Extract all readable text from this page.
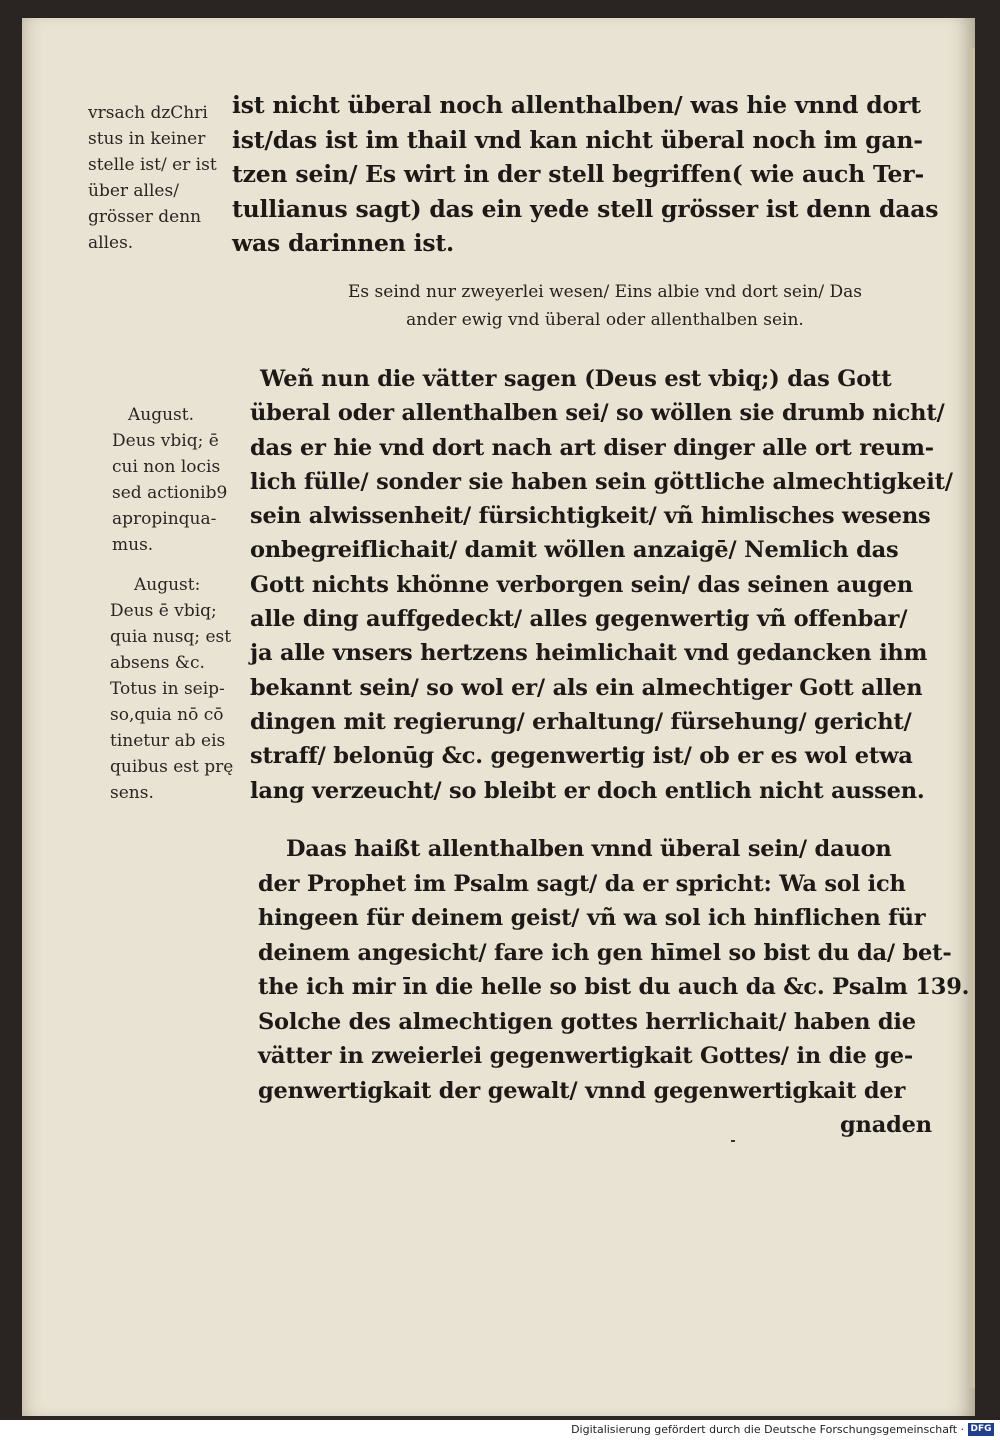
vrsach dzChri
stus in keiner
stelle ist/ er ist
über alles/
grösser denn
alles.
ist nicht überal noch allenthalben/ was hie vnnd dort
ist/das ist im thail vnd kan nicht überal noch im gan-
tzen sein/ Es wirt in der stell begriffen( wie auch Ter-
tullianus sagt) das ein yede stell grösser ist denn daas
was darinnen ist.
Es seind nur zweyerlei wesen/ Eins albie vnd dort sein/ Das
ander ewig vnd überal oder allenthalben sein.
August.
Deus vbiq; ē
cui non locis
sed actionib9
apropinqua-
mus.
August:
Deus ē vbiq;
quia nusq; est
absens &c.
Totus in seip-
so,quia nō cō
tinetur ab eis
quibus est prę
sens.
Weñ nun die vätter sagen (Deus est vbiq;) das Gott
überal oder allenthalben sei/ so wöllen sie drumb nicht/
das er hie vnd dort nach art diser dinger alle ort reum-
lich fülle/ sonder sie haben sein göttliche almechtigkeit/
sein alwissenheit/ fürsichtigkeit/ vñ himlisches wesens
onbegreiflichait/ damit wöllen anzaigē/ Nemlich das
Gott nichts khönne verborgen sein/ das seinen augen
alle ding auffgedeckt/ alles gegenwertig vñ offenbar/
ja alle vnsers hertzens heimlichait vnd gedancken ihm
bekannt sein/ so wol er/ als ein almechtiger Gott allen
dingen mit regierung/ erhaltung/ fürsehung/ gericht/
straff/ belonūg &c. gegenwertig ist/ ob er es wol etwa
lang verzeucht/ so bleibt er doch entlich nicht aussen.
Daas haißt allenthalben vnnd überal sein/ dauon
der Prophet im Psalm sagt/ da er spricht: Wa sol ich
hingeen für deinem geist/ vñ wa sol ich hinflichen für
deinem angesicht/ fare ich gen hīmel so bist du da/ bet-
the ich mir īn die helle so bist du auch da &c. Psalm 139.
Solche des almechtigen gottes herrlichait/ haben die
vätter in zweierlei gegenwertigkait Gottes/ in die ge-
genwertigkait der gewalt/ vnnd gegenwertigkait der
gnaden
Digitalisierung gefördert durch die Deutsche Forschungsgemeinschaft · DFG
